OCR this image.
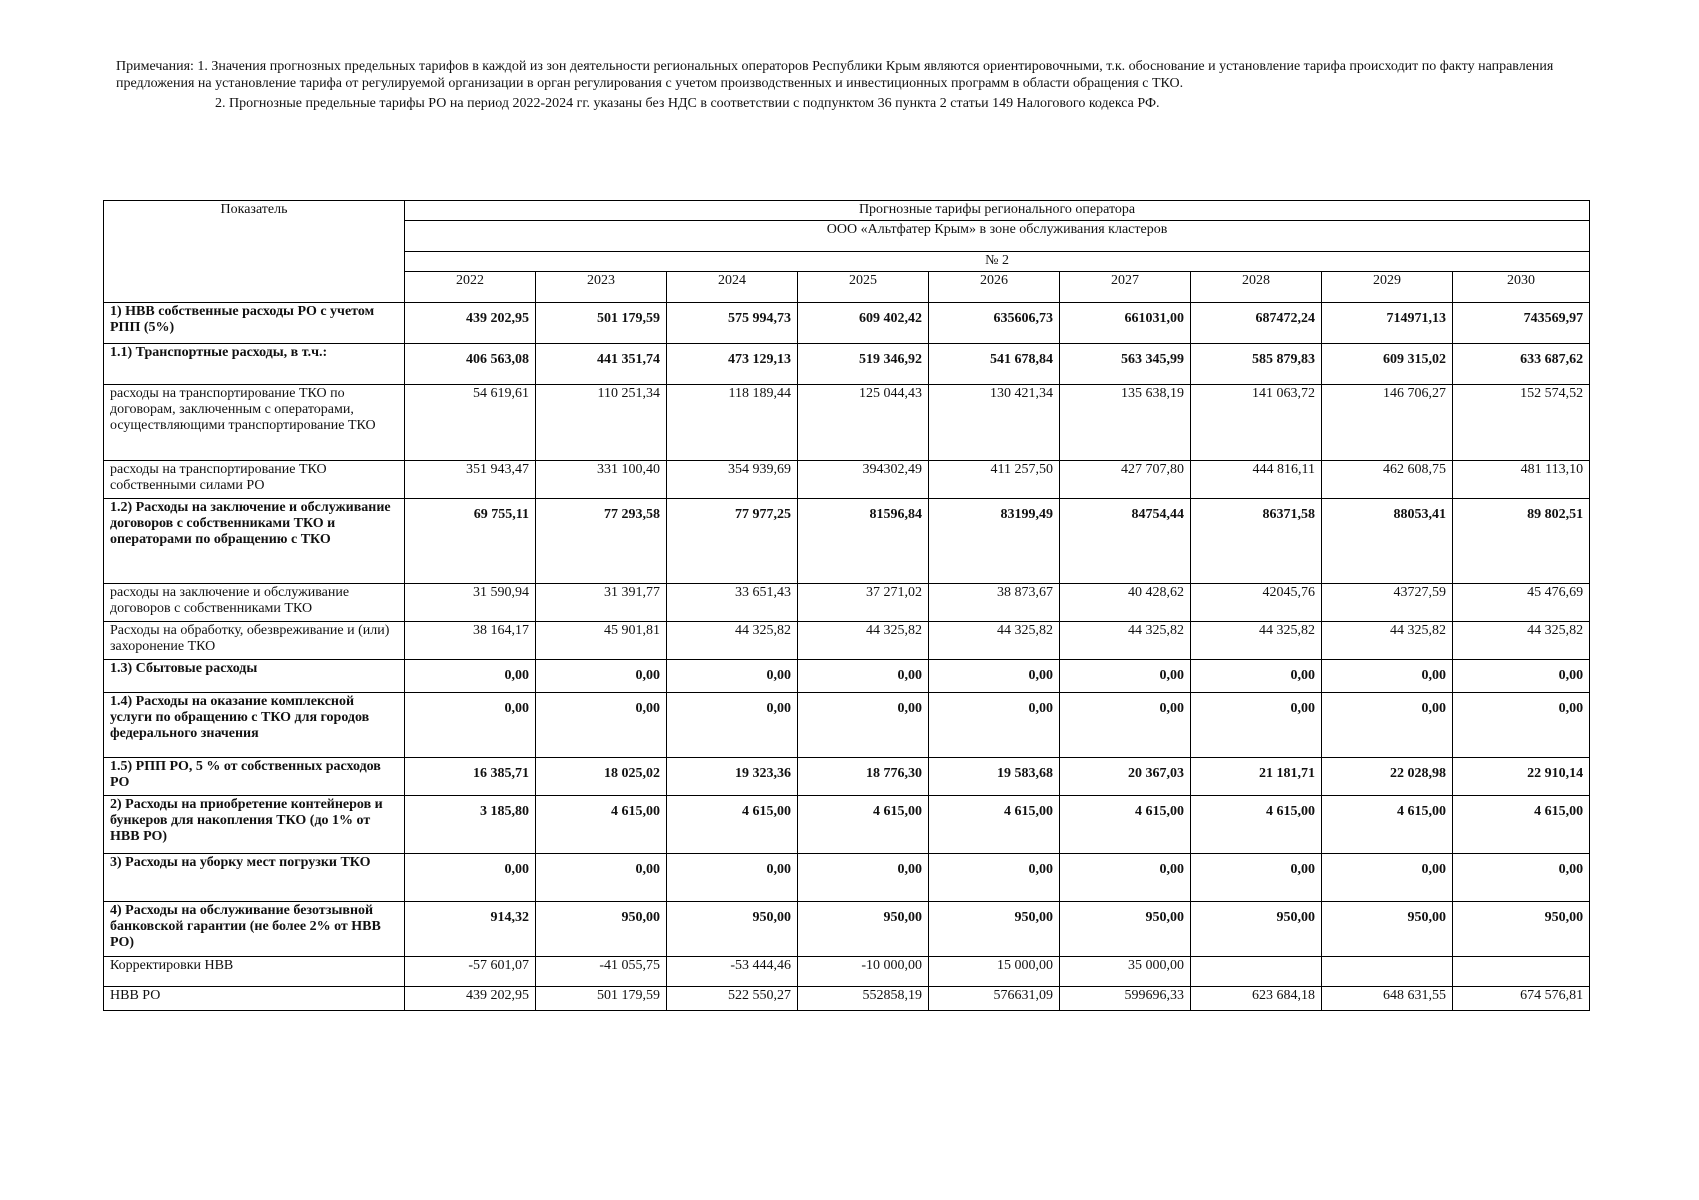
Примечания: 1. Значения прогнозных предельных тарифов в каждой из зон деятельности региональных операторов Республики Крым являются ориентировочными, т.к. обоснование и установление тарифа происходит по факту направления предложения на установление тарифа от регулируемой организации в орган регулирования с учетом производственных и инвестиционных программ в области обращения с ТКО.

2. Прогнозные предельные тарифы РО на период 2022-2024 гг. указаны без НДС в соответствии с подпунктом 36 пункта 2 статьи 149 Налогового кодекса РФ.

Показатель	Прогнозные тарифы регионального оператора								
	ООО «Альтфатер Крым» в зоне обслуживания кластеров								
	№ 2								
	2022	2023	2024	2025	2026	2027	2028	2029	2030
1) НВВ собственные расходы РО с учетом РПП (5%)	439 202,95	501 179,59	575 994,73	609 402,42	635606,73	661031,00	687472,24	714971,13	743569,97
1.1) Транспортные расходы, в т.ч.:	406 563,08	441 351,74	473 129,13	519 346,92	541 678,84	563 345,99	585 879,83	609 315,02	633 687,62
расходы на транспортирование ТКО по договорам, заключенным с операторами, осуществляющими транспортирование ТКО	54 619,61	110 251,34	118 189,44	125 044,43	130 421,34	135 638,19	141 063,72	146 706,27	152 574,52
расходы на транспортирование ТКО собственными силами РО	351 943,47	331 100,40	354 939,69	394302,49	411 257,50	427 707,80	444 816,11	462 608,75	481 113,10
1.2) Расходы на заключение и обслуживание договоров с собственниками ТКО и операторами по обращению с ТКО	69 755,11	77 293,58	77 977,25	81596,84	83199,49	84754,44	86371,58	88053,41	89 802,51
расходы на заключение и обслуживание договоров с собственниками ТКО	31 590,94	31 391,77	33 651,43	37 271,02	38 873,67	40 428,62	42045,76	43727,59	45 476,69
Расходы на обработку, обезвреживание и (или) захоронение ТКО	38 164,17	45 901,81	44 325,82	44 325,82	44 325,82	44 325,82	44 325,82	44 325,82	44 325,82
1.3) Сбытовые расходы	0,00	0,00	0,00	0,00	0,00	0,00	0,00	0,00	0,00
1.4) Расходы на оказание комплексной услуги по обращению с ТКО для городов федерального значения	0,00	0,00	0,00	0,00	0,00	0,00	0,00	0,00	0,00
1.5) РПП РО, 5 % от собственных расходов РО	16 385,71	18 025,02	19 323,36	18 776,30	19 583,68	20 367,03	21 181,71	22 028,98	22 910,14
2) Расходы на приобретение контейнеров и бункеров для накопления ТКО (до 1% от НВВ РО)	3 185,80	4 615,00	4 615,00	4 615,00	4 615,00	4 615,00	4 615,00	4 615,00	4 615,00
3) Расходы на уборку мест погрузки ТКО	0,00	0,00	0,00	0,00	0,00	0,00	0,00	0,00	0,00
4) Расходы на обслуживание безотзывной банковской гарантии (не более 2% от НВВ РО)	914,32	950,00	950,00	950,00	950,00	950,00	950,00	950,00	950,00
Корректировки НВВ	-57 601,07	-41 055,75	-53 444,46	-10 000,00	15 000,00	35 000,00			
НВВ РО	439 202,95	501 179,59	522 550,27	552858,19	576631,09	599696,33	623 684,18	648 631,55	674 576,81
